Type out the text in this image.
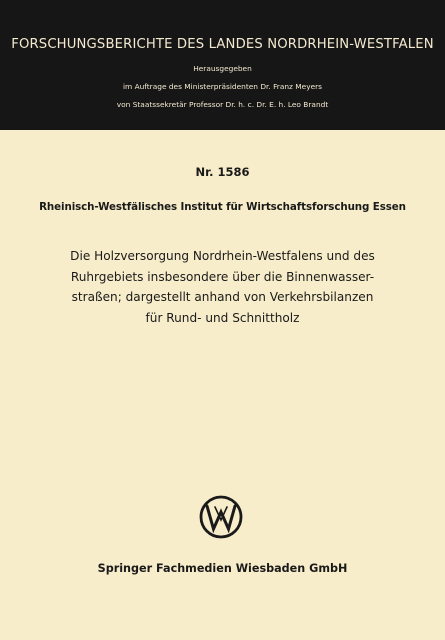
FORSCHUNGSBERICHTE DES LANDES NORDRHEIN-WESTFALEN
Herausgegeben
im Auftrage des Ministerpräsidenten Dr. Franz Meyers
von Staatssekretär Professor Dr. h. c. Dr. E. h. Leo Brandt
Nr. 1586
Rheinisch-Westfälisches Institut für Wirtschaftsforschung Essen
Die Holzversorgung Nordrhein-Westfalens und des
Ruhrgebiets insbesondere über die Binnenwasser-
straßen; dargestellt anhand von Verkehrsbilanzen
für Rund- und Schnittholz
Springer Fachmedien Wiesbaden GmbH
